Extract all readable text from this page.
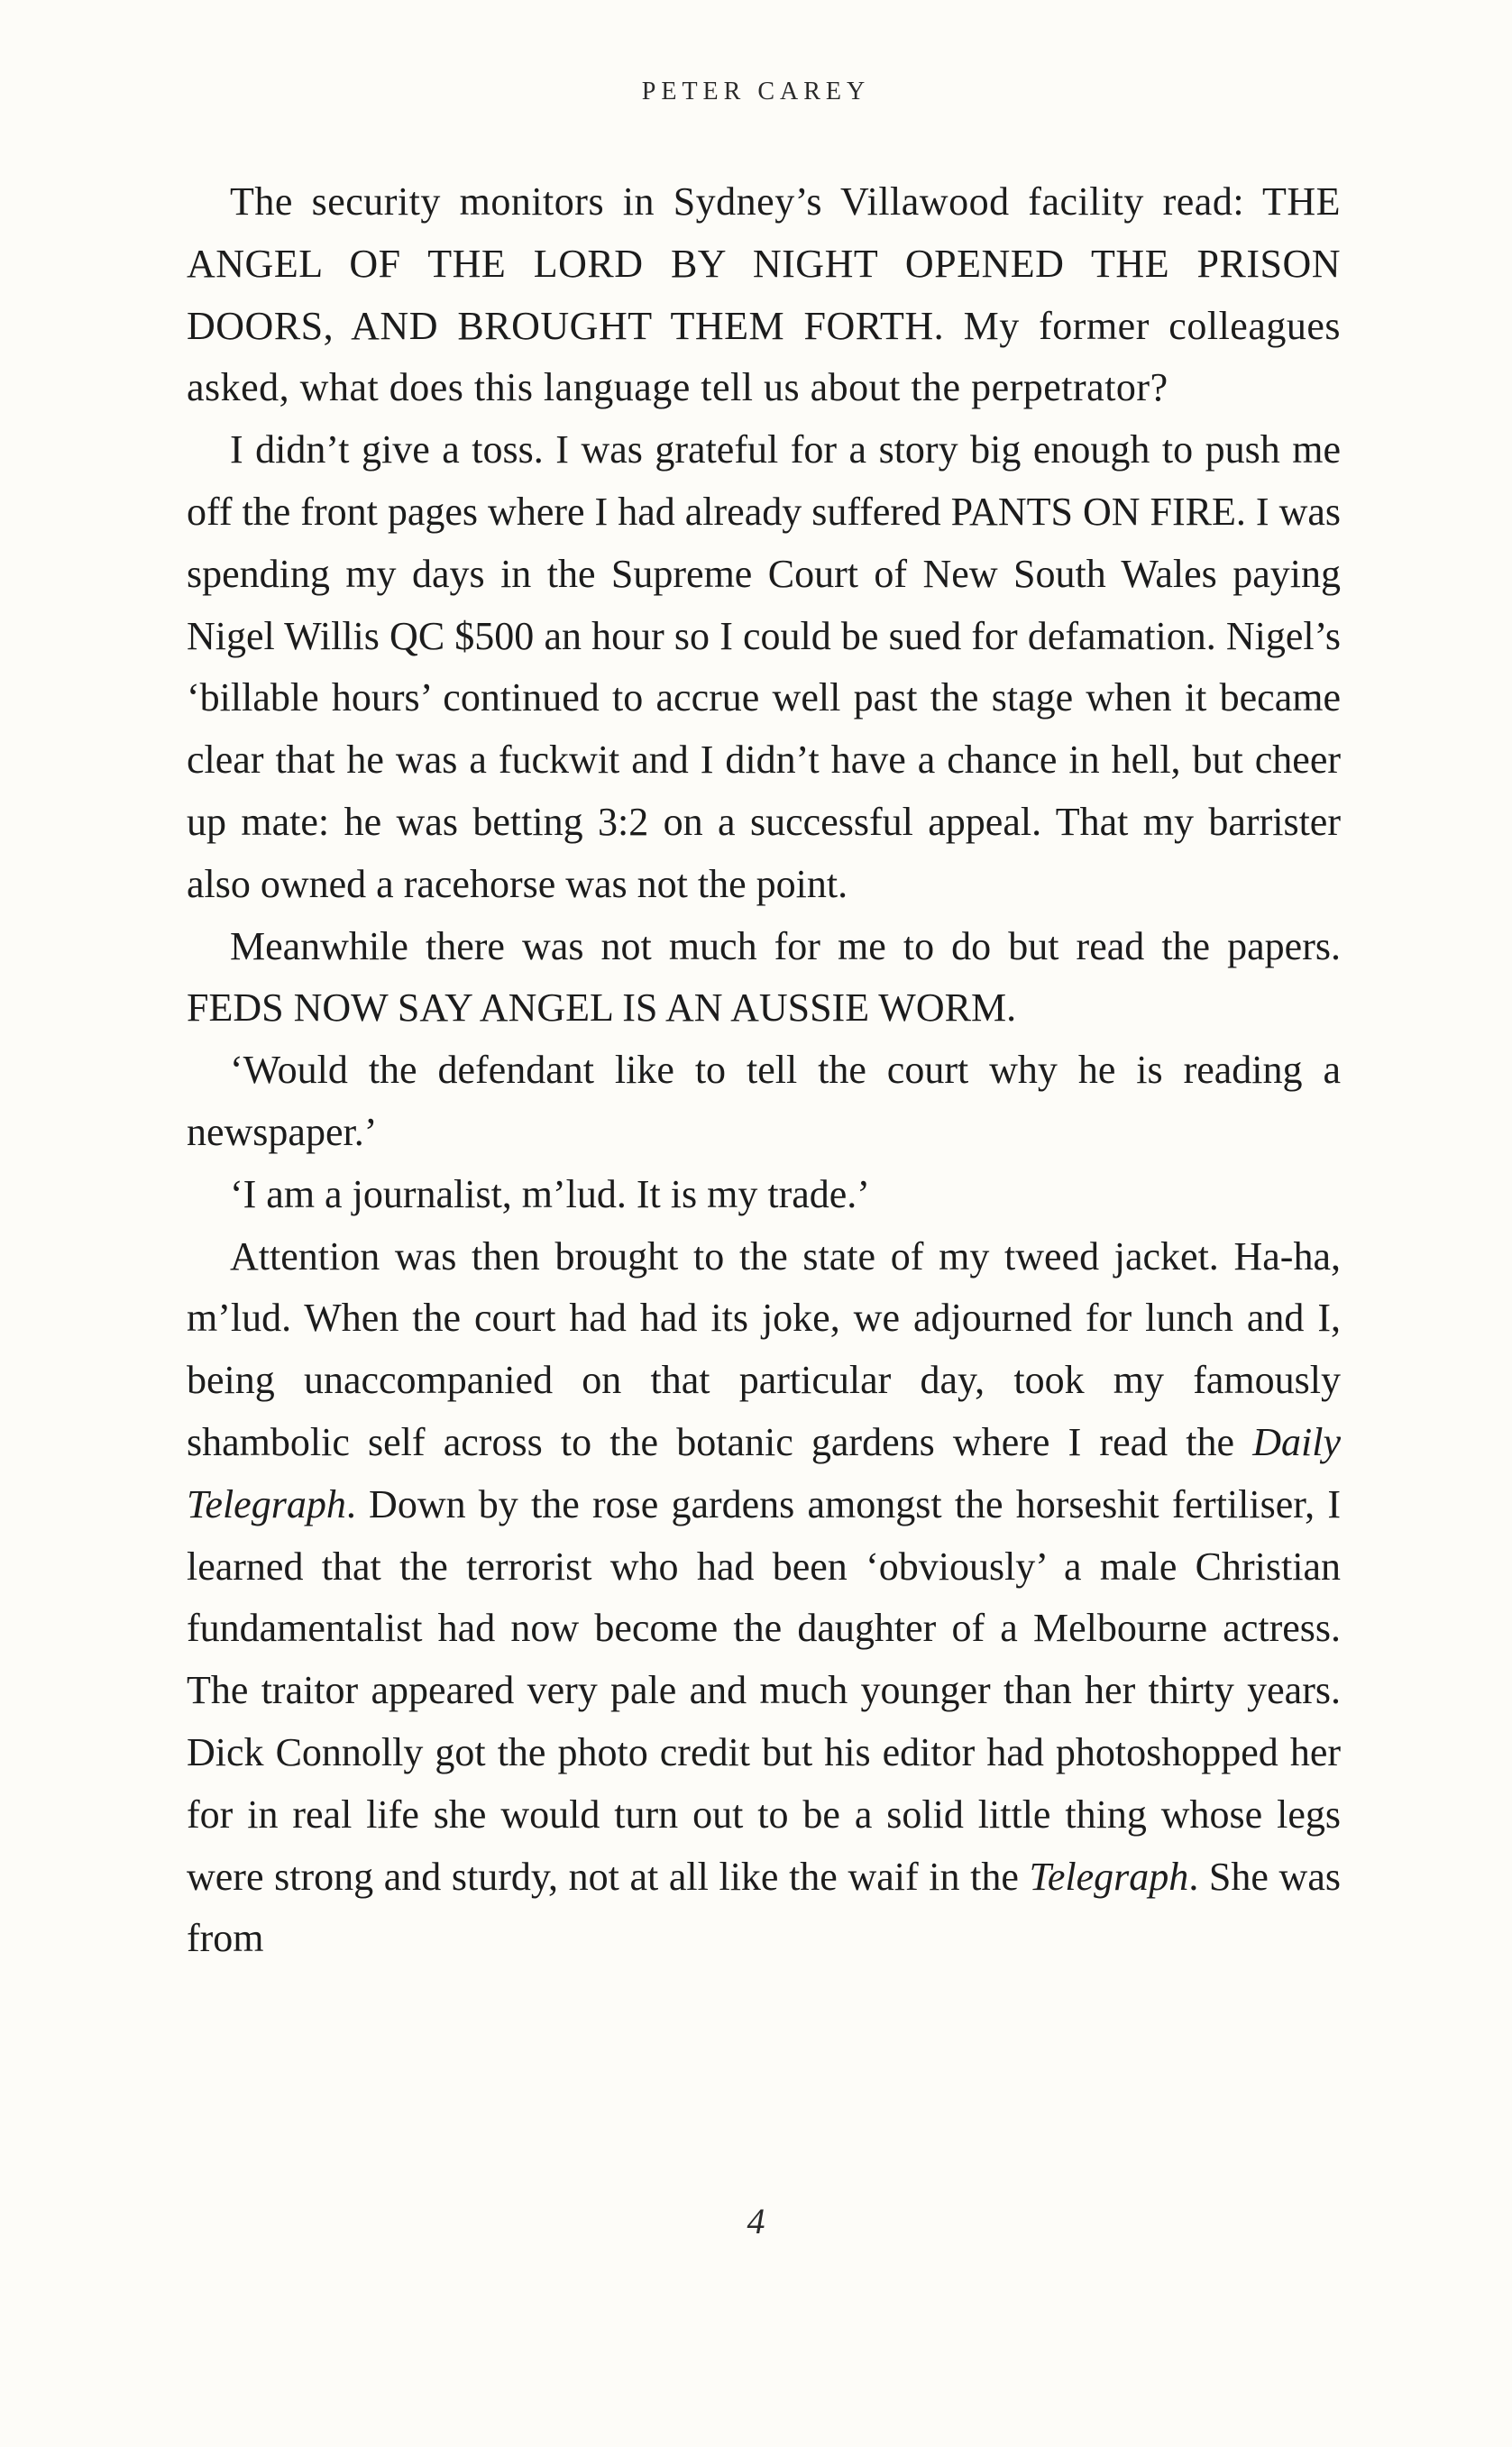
PETER CAREY

The security monitors in Sydney’s Villawood facility read: THE ANGEL OF THE LORD BY NIGHT OPENED THE PRISON DOORS, AND BROUGHT THEM FORTH. My former colleagues asked, what does this language tell us about the perpetrator?

I didn’t give a toss. I was grateful for a story big enough to push me off the front pages where I had already suffered PANTS ON FIRE. I was spending my days in the Supreme Court of New South Wales paying Nigel Willis QC $500 an hour so I could be sued for defamation. Nigel’s ‘billable hours’ continued to accrue well past the stage when it became clear that he was a fuckwit and I didn’t have a chance in hell, but cheer up mate: he was betting 3:2 on a successful appeal. That my barrister also owned a racehorse was not the point.

Meanwhile there was not much for me to do but read the papers. FEDS NOW SAY ANGEL IS AN AUSSIE WORM.

‘Would the defendant like to tell the court why he is reading a newspaper.’

‘I am a journalist, m’lud. It is my trade.’

Attention was then brought to the state of my tweed jacket. Ha-ha, m’lud. When the court had had its joke, we adjourned for lunch and I, being unaccompanied on that particular day, took my famously shambolic self across to the botanic gardens where I read the Daily Telegraph. Down by the rose gardens amongst the horseshit fertiliser, I learned that the terrorist who had been ‘obviously’ a male Christian fundamentalist had now become the daughter of a Melbourne actress. The traitor appeared very pale and much younger than her thirty years. Dick Connolly got the photo credit but his editor had photoshopped her for in real life she would turn out to be a solid little thing whose legs were strong and sturdy, not at all like the waif in the Telegraph. She was from

4
